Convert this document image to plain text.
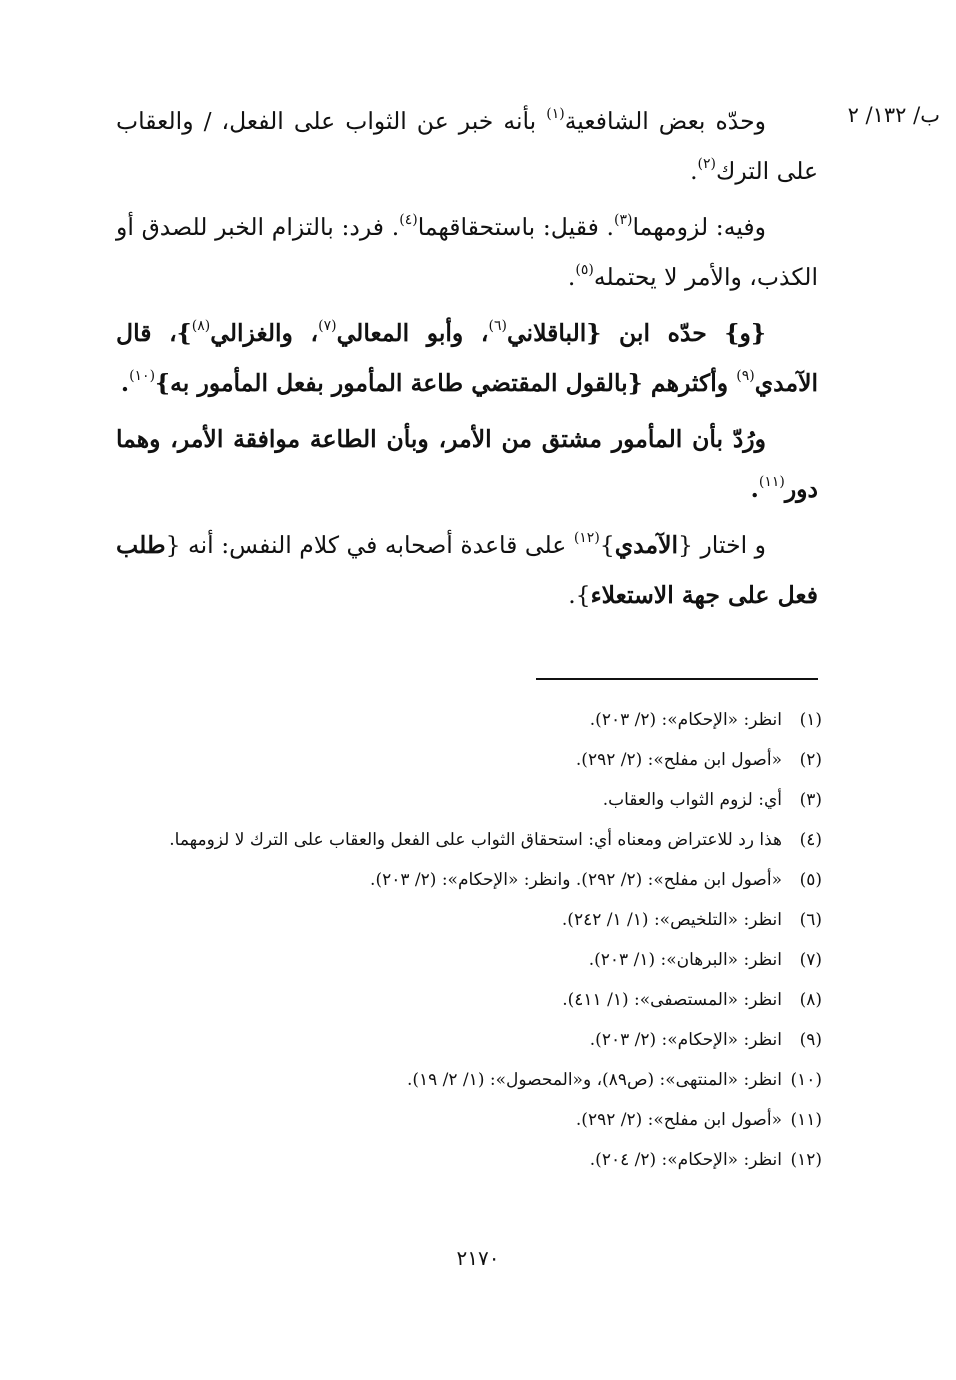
ب/ ١٣٢/ ٢

وحدّه بعض الشافعية$^{(١)}$ بأنه خبر عن الثواب على الفعل، / والعقاب على الترك$^{(٢)}$.

وفيه: لزومهما$^{(٣)}$. فقيل: باستحقاقهما$^{(٤)}$. فرد: بالتزام الخبر للصدق أو الكذب، والأمر لا يحتمله$^{(٥)}$.

{و} حدّه ابن {الباقلاني$^{(٦)}$، وأبو المعالي$^{(٧)}$، والغزالي$^{(٨)}$}، قال الآمدي$^{(٩)}$ وأكثرهم {بالقول المقتضي طاعة المأمور بفعل المأمور به}$^{(١٠)}$.

ورُدّ بأن المأمور مشتق من الأمر، وبأن الطاعة موافقة الأمر، وهما دور$^{(١١)}$.

و اختار {الآمدي}$^{(١٢)}$ على قاعدة أصحابه في كلام النفس: أنه {طلب فعل على جهة الاستعلاء}.

(١)
انظر: «الإحكام»: (٢/ ٢٠٣).
(٢)
«أصول ابن مفلح»: (٢/ ٢٩٢).
(٣)
أي: لزوم الثواب والعقاب.
(٤)
هذا رد للاعتراض ومعناه أي: استحقاق الثواب على الفعل والعقاب على الترك لا لزومهما.
(٥)
«أصول ابن مفلح»: (٢/ ٢٩٢). وانظر: «الإحكام»: (٢/ ٢٠٣).
(٦)
انظر: «التلخيص»: (١/ ١/ ٢٤٢).
(٧)
انظر: «البرهان»: (١/ ٢٠٣).
(٨)
انظر: «المستصفى»: (١/ ٤١١).
(٩)
انظر: «الإحكام»: (٢/ ٢٠٣).
(١٠)
انظر: «المنتهى»: (ص٨٩)، و«المحصول»: (١/ ٢/ ١٩).
(١١)
«أصول ابن مفلح»: (٢/ ٢٩٢).
(١٢)
انظر: «الإحكام»: (٢/ ٢٠٤).
٢١٧٠
